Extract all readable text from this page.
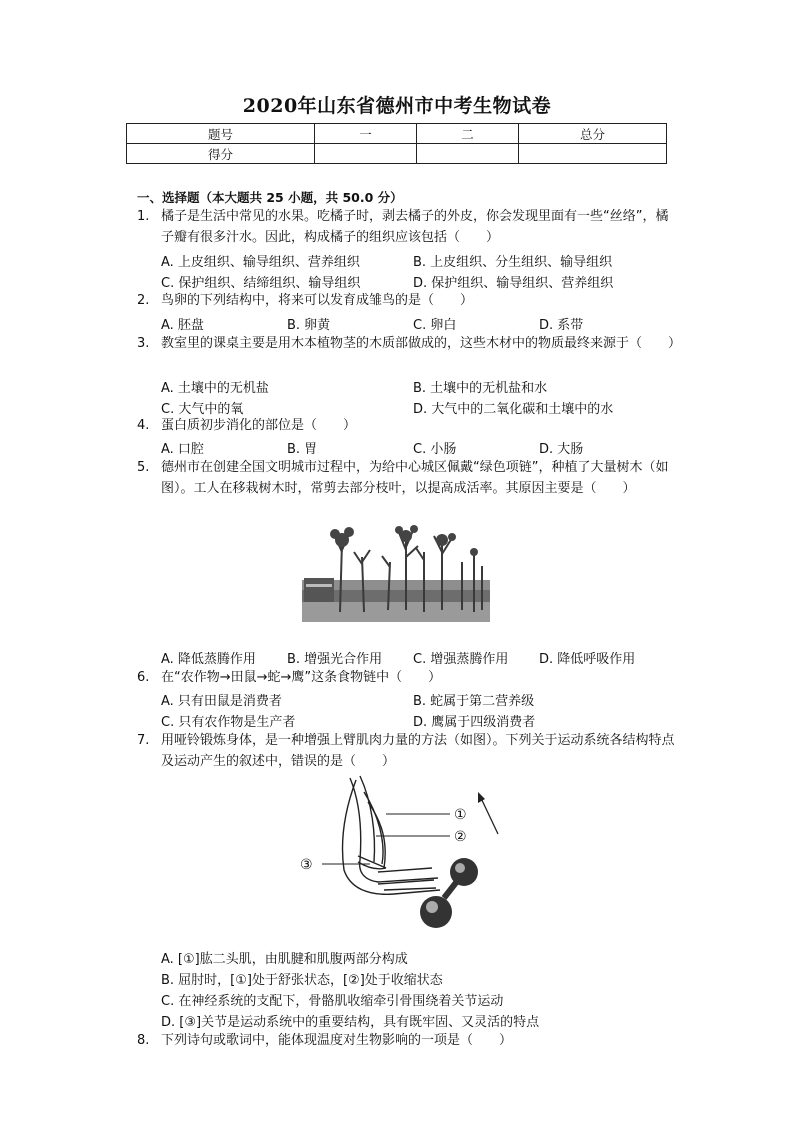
2020年山东省德州市中考生物试卷
题号	一	二	总分
得分			
一、选择题（本大题共 25 小题，共 50.0 分）
1. 橘子是生活中常见的水果。吃橘子时，剥去橘子的外皮，你会发现里面有一些“丝络”，橘子瓣有很多汁水。因此，构成橘子的组织应该包括（　　）
A. 上皮组织、输导组织、营养组织	B. 上皮组织、分生组织、输导组织
C. 保护组织、结缔组织、输导组织	D. 保护组织、输导组织、营养组织
2. 鸟卵的下列结构中，将来可以发育成雏鸟的是（　　）
A. 胚盘	B. 卵黄	C. 卵白	D. 系带
3. 教室里的课桌主要是用木本植物茎的木质部做成的，这些木材中的物质最终来源于（　　）
A. 土壤中的无机盐	B. 土壤中的无机盐和水
C. 大气中的氧	D. 大气中的二氧化碳和土壤中的水
4. 蛋白质初步消化的部位是（　　）
A. 口腔	B. 胃	C. 小肠	D. 大肠
5. 德州市在创建全国文明城市过程中，为给中心城区佩戴“绿色项链”，种植了大量树木（如图）。工人在移栽树木时，常剪去部分枝叶，以提高成活率。其原因主要是（　　）
A. 降低蒸腾作用 B. 增强光合作用 C. 增强蒸腾作用 D. 降低呼吸作用
6. 在“农作物→田鼠→蛇→鹰”这条食物链中（　　）
A. 只有田鼠是消费者	B. 蛇属于第二营养级
C. 只有农作物是生产者	D. 鹰属于四级消费者
7. 用哑铃锻炼身体，是一种增强上臂肌肉力量的方法（如图）。下列关于运动系统各结构特点及运动产生的叙述中，错误的是（　　）
①
②
③
A. [①]肱二头肌，由肌腱和肌腹两部分构成
B. 屈肘时，[①]处于舒张状态，[②]处于收缩状态
C. 在神经系统的支配下，骨骼肌收缩牵引骨围绕着关节运动
D. [③]关节是运动系统中的重要结构，具有既牢固、又灵活的特点
8. 下列诗句或歌词中，能体现温度对生物影响的一项是（　　）
